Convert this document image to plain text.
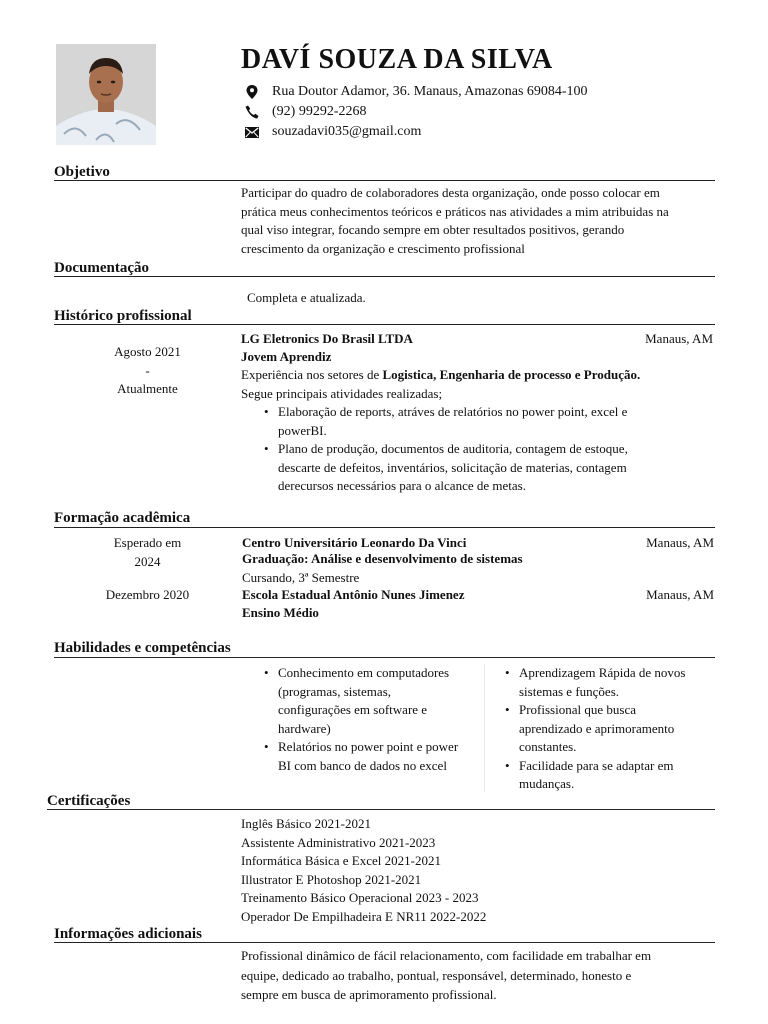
DAVÍ SOUZA DA SILVA
Rua Doutor Adamor, 36. Manaus, Amazonas 69084-100
(92) 99292-2268
souzadavi035@gmail.com
Objetivo
Participar do quadro de colaboradores desta organização, onde posso colocar em
prática meus conhecimentos teóricos e práticos nas atividades a mim atribuidas na
qual viso integrar, focando sempre em obter resultados positivos, gerando
crescimento da organização e crescimento profissional
Documentação
Completa e atualizada.
Histórico profissional
Agosto 2021
-
Atualmente
LG Eletronics Do Brasil LTDA	Manaus, AM
Jovem Aprendiz
Experiência nos setores de Logistica, Engenharia de processo e Produção.
Segue principais atividades realizadas;
• Elaboração de reports, atráves de relatórios no power point, excel e
powerBI.
• Plano de produção, documentos de auditoria, contagem de estoque,
descarte de defeitos, inventários, solicitação de materias, contagem
derecursos necessários para o alcance de metas.
Formação acadêmica
Esperado em
2024
Centro Universitário Leonardo Da Vinci	Manaus, AM
Graduação: Análise e desenvolvimento de sistemas
Cursando, 3ª Semestre
Dezembro 2020	Escola Estadual Antônio Nunes Jimenez	Manaus, AM
Ensino Médio
Habilidades e competências
• Conhecimento em computadores
(programas, sistemas,
configurações em software e
hardware)
• Relatórios no power point e power
BI com banco de dados no excel
• Aprendizagem Rápida de novos
sistemas e funções.
• Profissional que busca
aprendizado e aprimoramento
constantes.
• Facilidade para se adaptar em
mudanças.
Certificações
Inglês Básico 2021-2021
Assistente Administrativo 2021-2023
Informática Básica e Excel 2021-2021
Illustrator E Photoshop 2021-2021
Treinamento Básico Operacional 2023 - 2023
Operador De Empilhadeira E NR11 2022-2022
Informações adicionais
Profissional dinâmico de fácil relacionamento, com facilidade em trabalhar em
equipe, dedicado ao trabalho, pontual, responsável, determinado, honesto e
sempre em busca de aprimoramento profissional.
